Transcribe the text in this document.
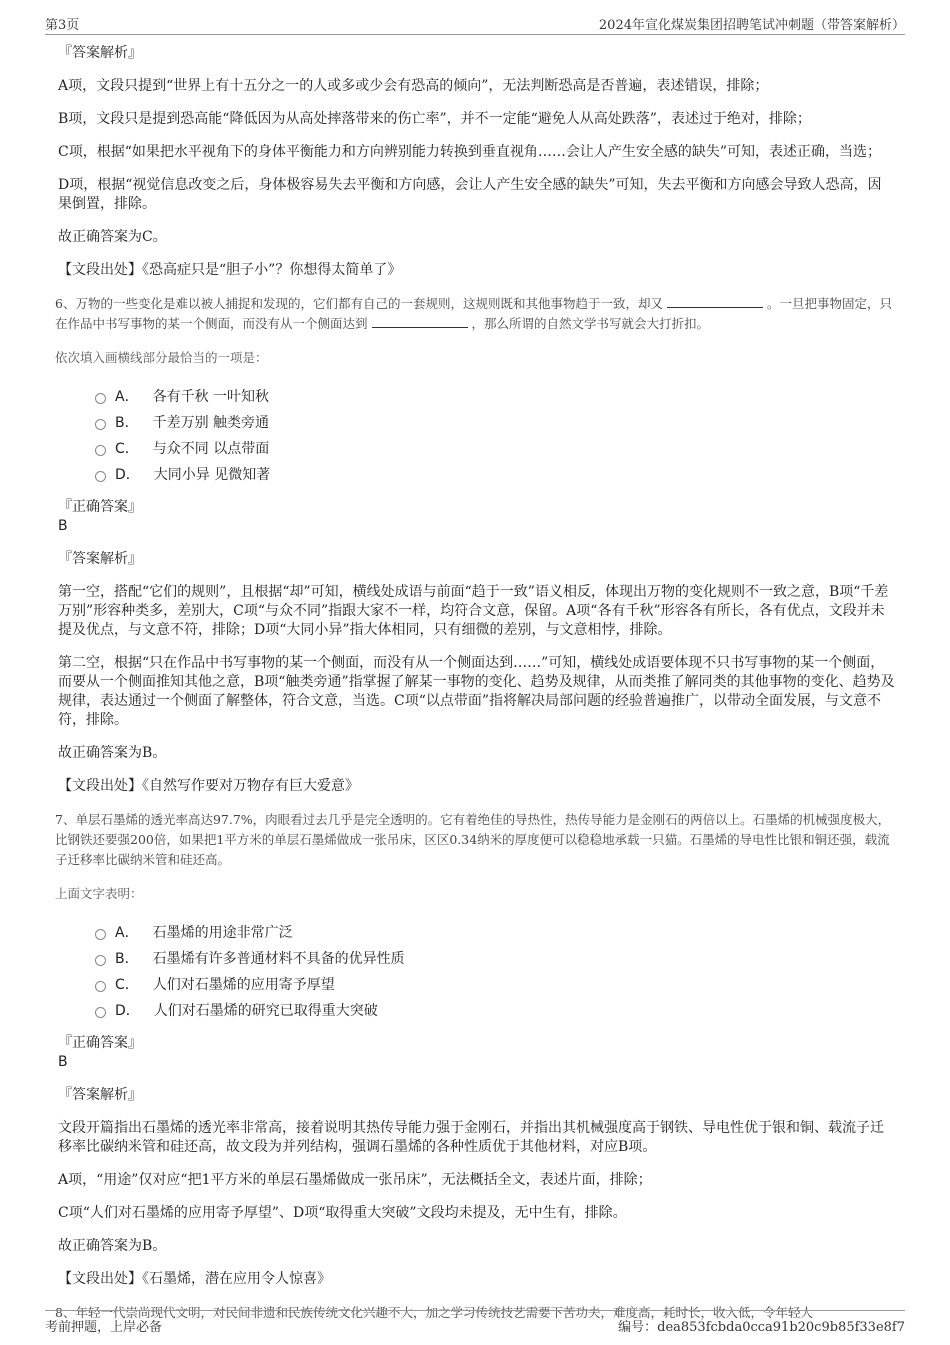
第3页	2024年宣化煤炭集团招聘笔试冲刺题（带答案解析）
『答案解析』

A项，文段只提到“世界上有十五分之一的人或多或少会有恐高的倾向”，无法判断恐高是否普遍，表述错误，排除；

B项，文段只是提到恐高能“降低因为从高处摔落带来的伤亡率”，并不一定能“避免人从高处跌落”，表述过于绝对，排除；

C项，根据“如果把水平视角下的身体平衡能力和方向辨别能力转换到垂直视角……会让人产生安全感的缺失”可知，表述正确，当选；

D项，根据“视觉信息改变之后，身体极容易失去平衡和方向感，会让人产生安全感的缺失”可知，失去平衡和方向感会导致人恐高，因果倒置，排除。

故正确答案为C。

【文段出处】《恐高症只是“胆子小”？你想得太简单了》

6、万物的一些变化是难以被人捕捉和发现的，它们都有自己的一套规则，这规则既和其他事物趋于一致，却又	。一旦把事物固定，只在作品中书写事物的某一个侧面，而没有从一个侧面达到	，那么所谓的自然文学书写就会大打折扣。

依次填入画横线部分最恰当的一项是：

A． 各有千秋 一叶知秋
B． 千差万别 触类旁通
C． 与众不同 以点带面
D． 大同小异 见微知著
『正确答案』
B
『答案解析』

第一空，搭配“它们的规则”，且根据“却”可知，横线处成语与前面“趋于一致”语义相反，体现出万物的变化规则不一致之意，B项“千差万别”形容种类多，差别大，C项“与众不同”指跟大家不一样，均符合文意，保留。A项“各有千秋”形容各有所长，各有优点，文段并未提及优点，与文意不符，排除；D项“大同小异”指大体相同，只有细微的差别，与文意相悖，排除。

第二空，根据“只在作品中书写事物的某一个侧面，而没有从一个侧面达到……”可知，横线处成语要体现不只书写事物的某一个侧面，而要从一个侧面推知其他之意，B项“触类旁通”指掌握了解某一事物的变化、趋势及规律，从而类推了解同类的其他事物的变化、趋势及规律，表达通过一个侧面了解整体，符合文意，当选。C项“以点带面”指将解决局部问题的经验普遍推广，以带动全面发展，与文意不符，排除。

故正确答案为B。

【文段出处】《自然写作要对万物存有巨大爱意》

7、单层石墨烯的透光率高达97.7%，肉眼看过去几乎是完全透明的。它有着绝佳的导热性，热传导能力是金刚石的两倍以上。石墨烯的机械强度极大，比钢铁还要强200倍，如果把1平方米的单层石墨烯做成一张吊床，区区0.34纳米的厚度便可以稳稳地承载一只猫。石墨烯的导电性比银和铜还强，载流子迁移率比碳纳米管和硅还高。

上面文字表明：

A． 石墨烯的用途非常广泛
B． 石墨烯有许多普通材料不具备的优异性质
C． 人们对石墨烯的应用寄予厚望
D． 人们对石墨烯的研究已取得重大突破
『正确答案』
B
『答案解析』

文段开篇指出石墨烯的透光率非常高，接着说明其热传导能力强于金刚石，并指出其机械强度高于钢铁、导电性优于银和铜、载流子迁移率比碳纳米管和硅还高，故文段为并列结构，强调石墨烯的各种性质优于其他材料，对应B项。

A项，“用途”仅对应“把1平方米的单层石墨烯做成一张吊床”，无法概括全文，表述片面，排除；

C项“人们对石墨烯的应用寄予厚望”、D项“取得重大突破”文段均未提及，无中生有，排除。

故正确答案为B。

【文段出处】《石墨烯，潜在应用令人惊喜》

8、年轻一代崇尚现代文明，对民间非遗和民族传统文化兴趣不大，加之学习传统技艺需要下苦功夫，难度高，耗时长，收入低，令年轻人

考前押题，上岸必备	编号：dea853fcbda0cca91b20c9b85f33e8f7
